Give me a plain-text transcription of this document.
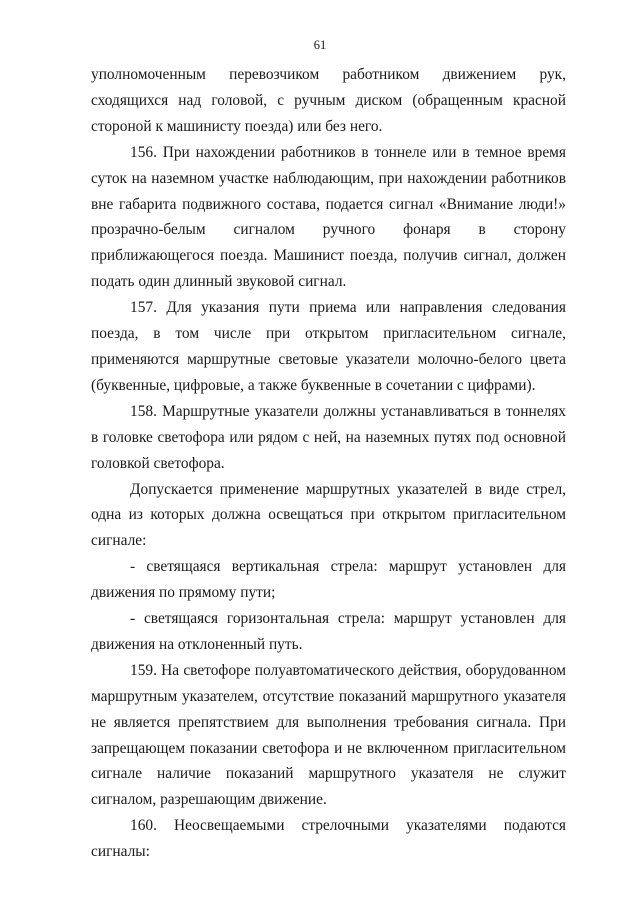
61

уполномоченным перевозчиком работником движением рук, сходящихся над головой, с ручным диском (обращенным красной стороной к машинисту поезда) или без него.

156. При нахождении работников в тоннеле или в темное время суток на наземном участке наблюдающим, при нахождении работников вне габарита подвижного состава, подается сигнал «Внимание люди!» прозрачно-белым сигналом ручного фонаря в сторону приближающегося поезда. Машинист поезда, получив сигнал, должен подать один длинный звуковой сигнал.

157. Для указания пути приема или направления следования поезда, в том числе при открытом пригласительном сигнале, применяются маршрутные световые указатели молочно-белого цвета (буквенные, цифровые, а также буквенные в сочетании с цифрами).

158. Маршрутные указатели должны устанавливаться в тоннелях в головке светофора или рядом с ней, на наземных путях под основной головкой светофора.

Допускается применение маршрутных указателей в виде стрел, одна из которых должна освещаться при открытом пригласительном сигнале:

- светящаяся вертикальная стрела: маршрут установлен для движения по прямому пути;

- светящаяся горизонтальная стрела: маршрут установлен для движения на отклоненный путь.

159. На светофоре полуавтоматического действия, оборудованном маршрутным указателем, отсутствие показаний маршрутного указателя не является препятствием для выполнения требования сигнала. При запрещающем показании светофора и не включенном пригласительном сигнале наличие показаний маршрутного указателя не служит сигналом, разрешающим движение.

160. Неосвещаемыми стрелочными указателями подаются сигналы:
